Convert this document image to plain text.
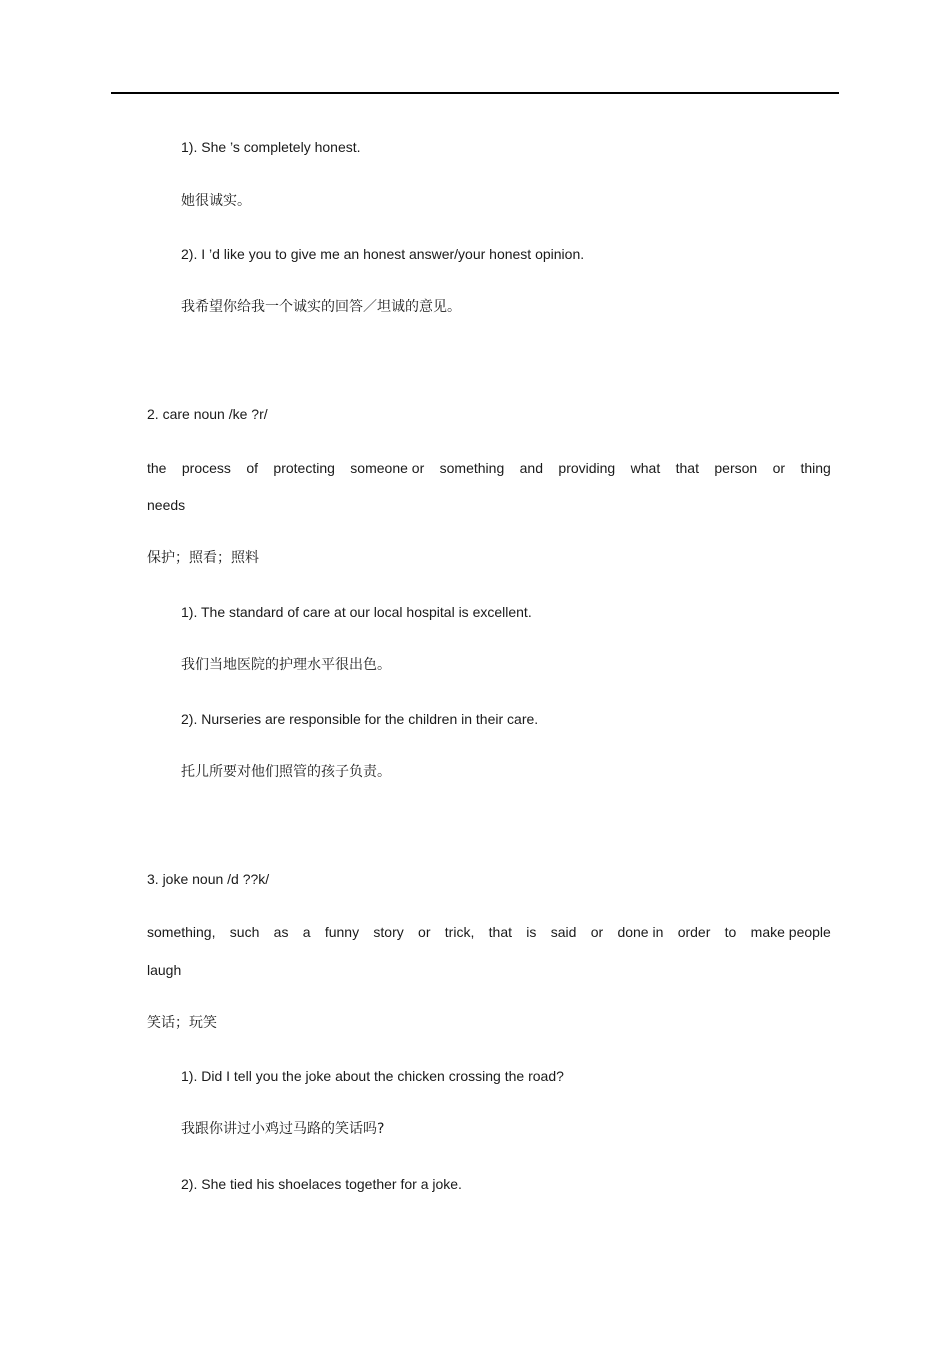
1). She ’s completely honest.
她很诚实。
2). I ’d like you to give me an honest answer/your honest opinion.
我希望你给我一个诚实的回答／坦诚的意见。
2. care noun /ke ?r/
the process of protecting someone or something and providing what that person or thing
needs
保护；照看；照料
1). The standard of care at our local hospital is excellent.
我们当地医院的护理水平很出色。
2). Nurseries are responsible for the children in their care.
托儿所要对他们照管的孩子负责。
3. joke noun /d ??k/
something, such as a funny story or trick, that is said or done in order to make people
laugh
笑话；玩笑
1). Did I tell you the joke about the chicken crossing the road?
我跟你讲过小鸡过马路的笑话吗?
2). She tied his shoelaces together for a joke.
